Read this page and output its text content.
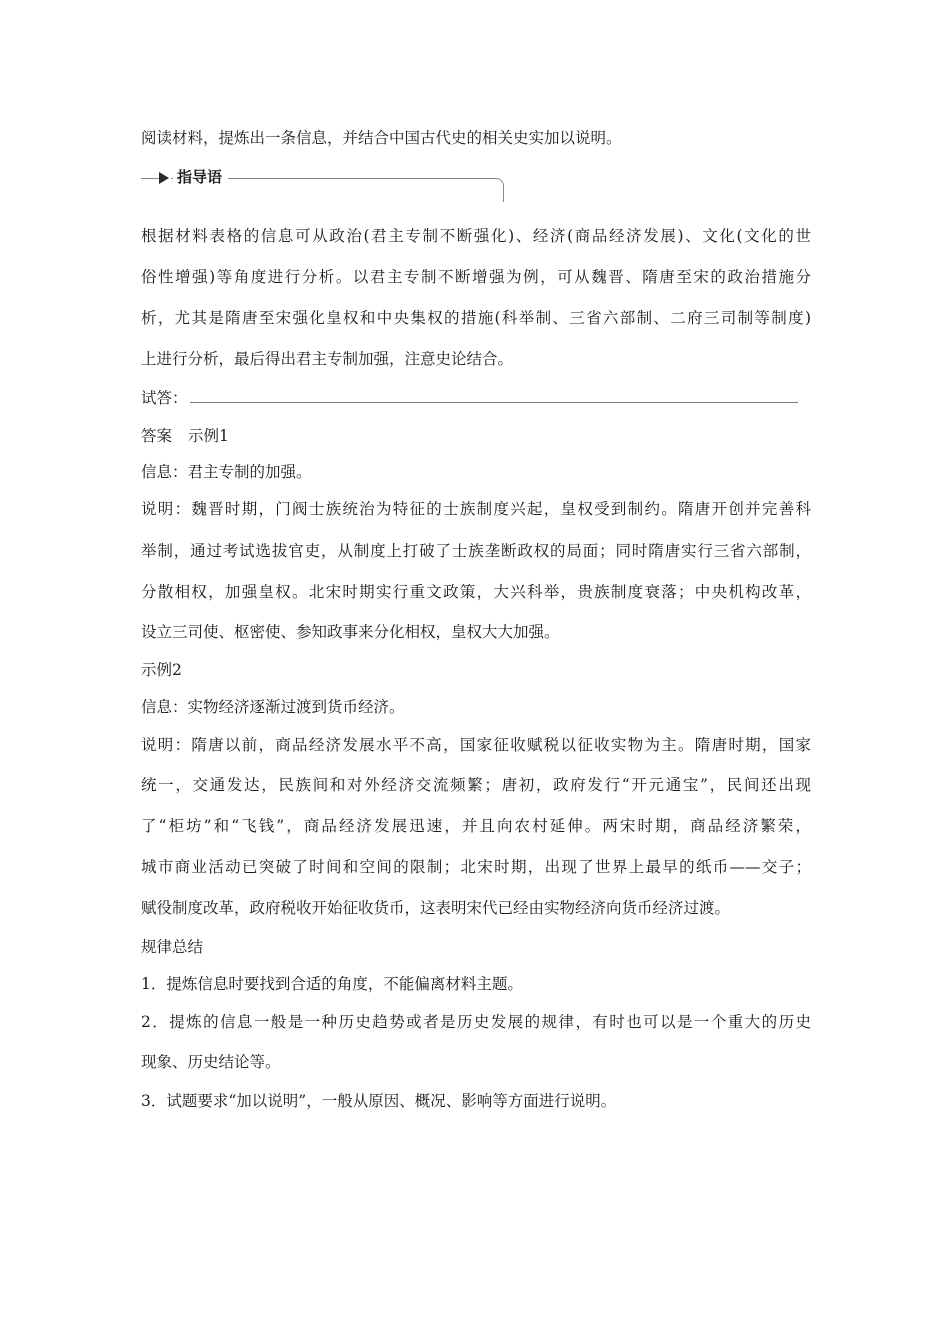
阅读材料，提炼出一条信息，并结合中国古代史的相关史实加以说明。
指导语
根据材料表格的信息可从政治(君主专制不断强化)、经济(商品经济发展)、文化(文化的世
俗性增强)等角度进行分析。以君主专制不断增强为例，可从魏晋、隋唐至宋的政治措施分
析，尤其是隋唐至宋强化皇权和中央集权的措施(科举制、三省六部制、二府三司制等制度)
上进行分析，最后得出君主专制加强，注意史论结合。
试答：
答案 示例1
信息：君主专制的加强。
说明：魏晋时期，门阀士族统治为特征的士族制度兴起，皇权受到制约。隋唐开创并完善科
举制，通过考试选拔官吏，从制度上打破了士族垄断政权的局面；同时隋唐实行三省六部制，
分散相权，加强皇权。北宋时期实行重文政策，大兴科举，贵族制度衰落；中央机构改革，
设立三司使、枢密使、参知政事来分化相权，皇权大大加强。
示例2
信息：实物经济逐渐过渡到货币经济。
说明：隋唐以前，商品经济发展水平不高，国家征收赋税以征收实物为主。隋唐时期，国家
统一，交通发达，民族间和对外经济交流频繁；唐初，政府发行“开元通宝”，民间还出现
了“柜坊”和“飞钱”，商品经济发展迅速，并且向农村延伸。两宋时期，商品经济繁荣，
城市商业活动已突破了时间和空间的限制；北宋时期，出现了世界上最早的纸币——交子；
赋役制度改革，政府税收开始征收货币，这表明宋代已经由实物经济向货币经济过渡。
规律总结
1．提炼信息时要找到合适的角度，不能偏离材料主题。
2．提炼的信息一般是一种历史趋势或者是历史发展的规律，有时也可以是一个重大的历史
现象、历史结论等。
3．试题要求“加以说明”，一般从原因、概况、影响等方面进行说明。
